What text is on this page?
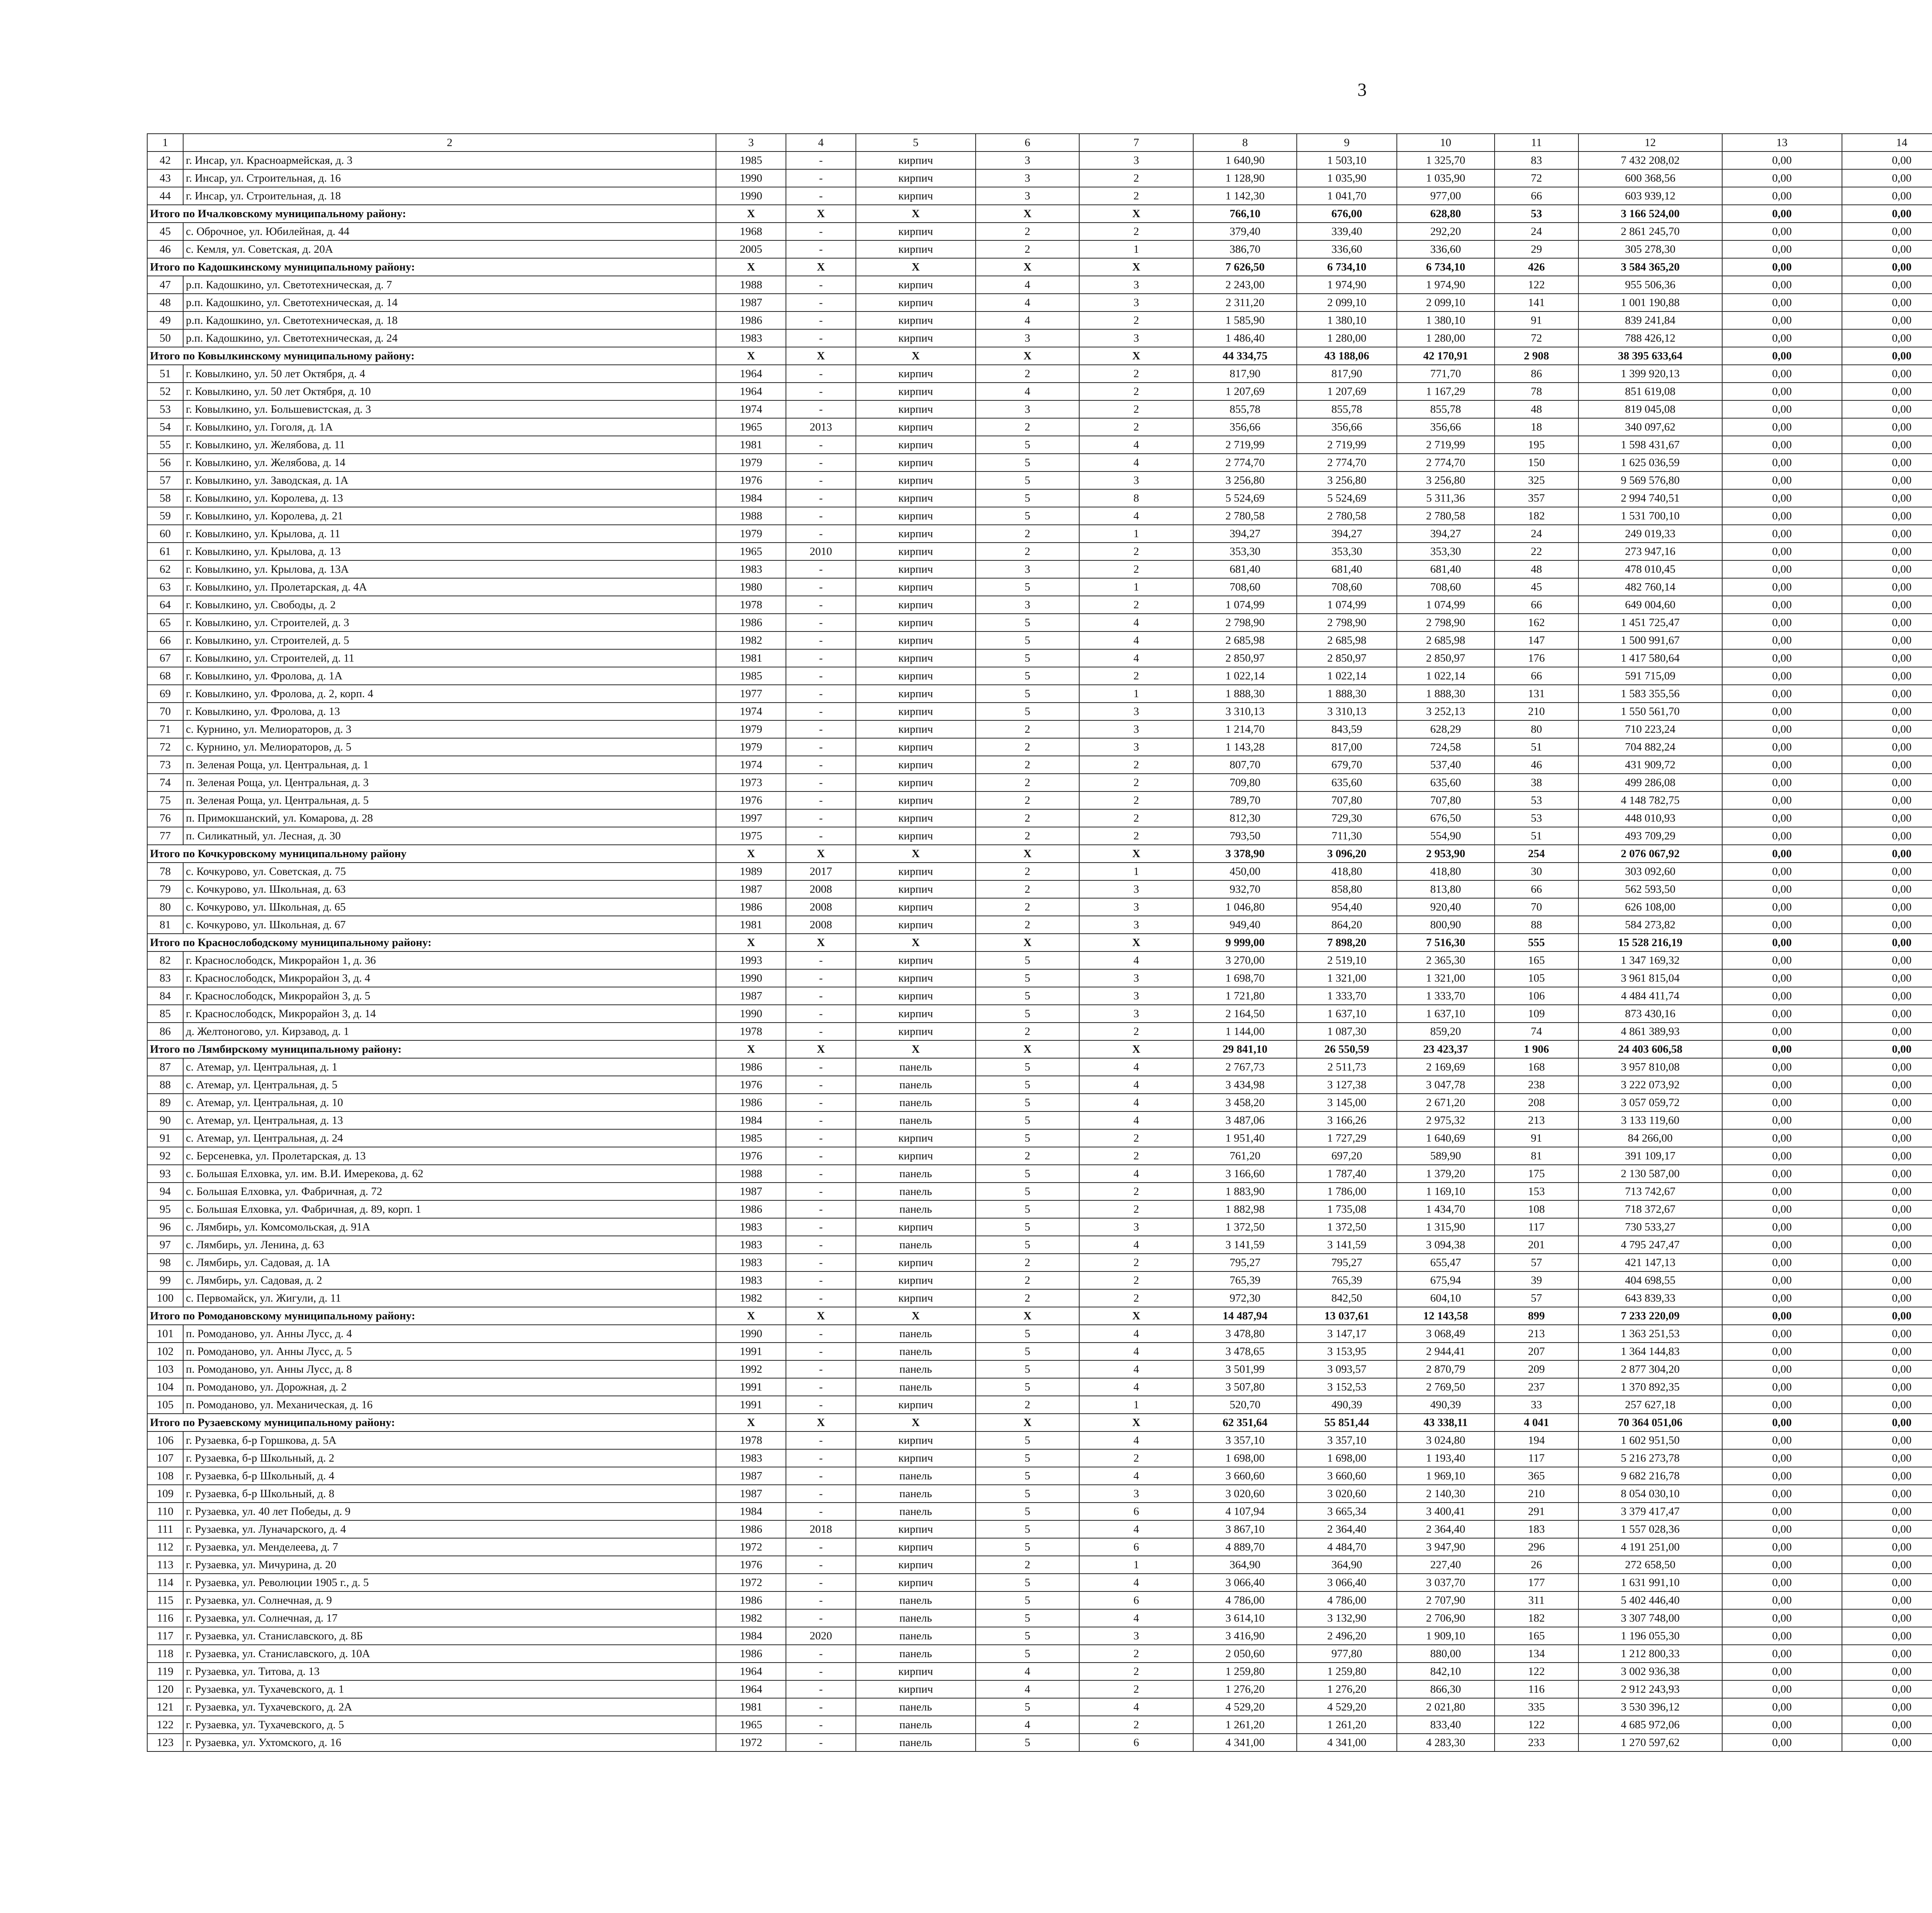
3
1	2	3	4	5	6	7	8	9	10	11	12	13	14					
42	г. Инсар, ул. Красноармейская, д. 3	1985	-	кирпич	3	3	1 640,90	1 503,10	1 325,70	83	7 432 208,02	0,00	0,00					
43	г. Инсар, ул. Строительная, д. 16	1990	-	кирпич	3	2	1 128,90	1 035,90	1 035,90	72	600 368,56	0,00	0,00					
44	г. Инсар, ул. Строительная, д. 18	1990	-	кирпич	3	2	1 142,30	1 041,70	977,00	66	603 939,12	0,00	0,00					
Итого по Ичалковскому муниципальному району:		X	X	X	X	X	766,10	676,00	628,80	53	3 166 524,00	0,00	0,00					
45	с. Оброчное, ул. Юбилейная, д. 44	1968	-	кирпич	2	2	379,40	339,40	292,20	24	2 861 245,70	0,00	0,00					
46	с. Кемля, ул. Советская, д. 20А	2005	-	кирпич	2	1	386,70	336,60	336,60	29	305 278,30	0,00	0,00					
Итого по Кадошкинскому муниципальному району:		X	X	X	X	X	7 626,50	6 734,10	6 734,10	426	3 584 365,20	0,00	0,00					
47	р.п. Кадошкино, ул. Светотехническая, д. 7	1988	-	кирпич	4	3	2 243,00	1 974,90	1 974,90	122	955 506,36	0,00	0,00					
48	р.п. Кадошкино, ул. Светотехническая, д. 14	1987	-	кирпич	4	3	2 311,20	2 099,10	2 099,10	141	1 001 190,88	0,00	0,00					
49	р.п. Кадошкино, ул. Светотехническая, д. 18	1986	-	кирпич	4	2	1 585,90	1 380,10	1 380,10	91	839 241,84	0,00	0,00					
50	р.п. Кадошкино, ул. Светотехническая, д. 24	1983	-	кирпич	3	3	1 486,40	1 280,00	1 280,00	72	788 426,12	0,00	0,00					
Итого по Ковылкинскому муниципальному району:		X	X	X	X	X	44 334,75	43 188,06	42 170,91	2 908	38 395 633,64	0,00	0,00					
51	г. Ковылкино, ул. 50 лет Октября, д. 4	1964	-	кирпич	2	2	817,90	817,90	771,70	86	1 399 920,13	0,00	0,00					
52	г. Ковылкино, ул. 50 лет Октября, д. 10	1964	-	кирпич	4	2	1 207,69	1 207,69	1 167,29	78	851 619,08	0,00	0,00					
53	г. Ковылкино, ул. Большевистская, д. 3	1974	-	кирпич	3	2	855,78	855,78	855,78	48	819 045,08	0,00	0,00					
54	г. Ковылкино, ул. Гоголя, д. 1А	1965	2013	кирпич	2	2	356,66	356,66	356,66	18	340 097,62	0,00	0,00					
55	г. Ковылкино, ул. Желябова, д. 11	1981	-	кирпич	5	4	2 719,99	2 719,99	2 719,99	195	1 598 431,67	0,00	0,00					
56	г. Ковылкино, ул. Желябова, д. 14	1979	-	кирпич	5	4	2 774,70	2 774,70	2 774,70	150	1 625 036,59	0,00	0,00					
57	г. Ковылкино, ул. Заводская, д. 1А	1976	-	кирпич	5	3	3 256,80	3 256,80	3 256,80	325	9 569 576,80	0,00	0,00					
58	г. Ковылкино, ул. Королева, д. 13	1984	-	кирпич	5	8	5 524,69	5 524,69	5 311,36	357	2 994 740,51	0,00	0,00					
59	г. Ковылкино, ул. Королева, д. 21	1988	-	кирпич	5	4	2 780,58	2 780,58	2 780,58	182	1 531 700,10	0,00	0,00					
60	г. Ковылкино, ул. Крылова, д. 11	1979	-	кирпич	2	1	394,27	394,27	394,27	24	249 019,33	0,00	0,00					
61	г. Ковылкино, ул. Крылова, д. 13	1965	2010	кирпич	2	2	353,30	353,30	353,30	22	273 947,16	0,00	0,00					
62	г. Ковылкино, ул. Крылова, д. 13А	1983	-	кирпич	3	2	681,40	681,40	681,40	48	478 010,45	0,00	0,00					
63	г. Ковылкино, ул. Пролетарская, д. 4А	1980	-	кирпич	5	1	708,60	708,60	708,60	45	482 760,14	0,00	0,00					
64	г. Ковылкино, ул. Свободы, д. 2	1978	-	кирпич	3	2	1 074,99	1 074,99	1 074,99	66	649 004,60	0,00	0,00					
65	г. Ковылкино, ул. Строителей, д. 3	1986	-	кирпич	5	4	2 798,90	2 798,90	2 798,90	162	1 451 725,47	0,00	0,00					
66	г. Ковылкино, ул. Строителей, д. 5	1982	-	кирпич	5	4	2 685,98	2 685,98	2 685,98	147	1 500 991,67	0,00	0,00					
67	г. Ковылкино, ул. Строителей, д. 11	1981	-	кирпич	5	4	2 850,97	2 850,97	2 850,97	176	1 417 580,64	0,00	0,00					
68	г. Ковылкино, ул. Фролова, д. 1А	1985	-	кирпич	5	2	1 022,14	1 022,14	1 022,14	66	591 715,09	0,00	0,00					
69	г. Ковылкино, ул. Фролова, д. 2, корп. 4	1977	-	кирпич	5	1	1 888,30	1 888,30	1 888,30	131	1 583 355,56	0,00	0,00					
70	г. Ковылкино, ул. Фролова, д. 13	1974	-	кирпич	5	3	3 310,13	3 310,13	3 252,13	210	1 550 561,70	0,00	0,00					
71	с. Курнино, ул. Мелиораторов, д. 3	1979	-	кирпич	2	3	1 214,70	843,59	628,29	80	710 223,24	0,00	0,00					
72	с. Курнино, ул. Мелиораторов, д. 5	1979	-	кирпич	2	3	1 143,28	817,00	724,58	51	704 882,24	0,00	0,00					
73	п. Зеленая Роща, ул. Центральная, д. 1	1974	-	кирпич	2	2	807,70	679,70	537,40	46	431 909,72	0,00	0,00					
74	п. Зеленая Роща, ул. Центральная, д. 3	1973	-	кирпич	2	2	709,80	635,60	635,60	38	499 286,08	0,00	0,00					
75	п. Зеленая Роща, ул. Центральная, д. 5	1976	-	кирпич	2	2	789,70	707,80	707,80	53	4 148 782,75	0,00	0,00					
76	п. Примокшанский, ул. Комарова, д. 28	1997	-	кирпич	2	2	812,30	729,30	676,50	53	448 010,93	0,00	0,00					
77	п. Силикатный, ул. Лесная, д. 30	1975	-	кирпич	2	2	793,50	711,30	554,90	51	493 709,29	0,00	0,00					
Итого по Кочкуровскому муниципальному району		X	X	X	X	X	3 378,90	3 096,20	2 953,90	254	2 076 067,92	0,00	0,00					
78	с. Кочкурово, ул. Советская, д. 75	1989	2017	кирпич	2	1	450,00	418,80	418,80	30	303 092,60	0,00	0,00					
79	с. Кочкурово, ул. Школьная, д. 63	1987	2008	кирпич	2	3	932,70	858,80	813,80	66	562 593,50	0,00	0,00					
80	с. Кочкурово, ул. Школьная, д. 65	1986	2008	кирпич	2	3	1 046,80	954,40	920,40	70	626 108,00	0,00	0,00					
81	с. Кочкурово, ул. Школьная, д. 67	1981	2008	кирпич	2	3	949,40	864,20	800,90	88	584 273,82	0,00	0,00					
Итого по Краснослободскому муниципальному району:		X	X	X	X	X	9 999,00	7 898,20	7 516,30	555	15 528 216,19	0,00	0,00					
82	г. Краснослободск, Микрорайон 1, д. 36	1993	-	кирпич	5	4	3 270,00	2 519,10	2 365,30	165	1 347 169,32	0,00	0,00					
83	г. Краснослободск, Микрорайон 3, д. 4	1990	-	кирпич	5	3	1 698,70	1 321,00	1 321,00	105	3 961 815,04	0,00	0,00					
84	г. Краснослободск, Микрорайон 3, д. 5	1987	-	кирпич	5	3	1 721,80	1 333,70	1 333,70	106	4 484 411,74	0,00	0,00					
85	г. Краснослободск, Микрорайон 3, д. 14	1990	-	кирпич	5	3	2 164,50	1 637,10	1 637,10	109	873 430,16	0,00	0,00					
86	д. Желтоногово, ул. Кирзавод, д. 1	1978	-	кирпич	2	2	1 144,00	1 087,30	859,20	74	4 861 389,93	0,00	0,00					
Итого по Лямбирскому муниципальному району:		X	X	X	X	X	29 841,10	26 550,59	23 423,37	1 906	24 403 606,58	0,00	0,00					
87	с. Атемар, ул. Центральная, д. 1	1986	-	панель	5	4	2 767,73	2 511,73	2 169,69	168	3 957 810,08	0,00	0,00					
88	с. Атемар, ул. Центральная, д. 5	1976	-	панель	5	4	3 434,98	3 127,38	3 047,78	238	3 222 073,92	0,00	0,00					
89	с. Атемар, ул. Центральная, д. 10	1986	-	панель	5	4	3 458,20	3 145,00	2 671,20	208	3 057 059,72	0,00	0,00					
90	с. Атемар, ул. Центральная, д. 13	1984	-	панель	5	4	3 487,06	3 166,26	2 975,32	213	3 133 119,60	0,00	0,00					
91	с. Атемар, ул. Центральная, д. 24	1985	-	кирпич	5	2	1 951,40	1 727,29	1 640,69	91	84 266,00	0,00	0,00					
92	с. Берсеневка, ул. Пролетарская, д. 13	1976	-	кирпич	2	2	761,20	697,20	589,90	81	391 109,17	0,00	0,00					
93	с. Большая Елховка, ул. им. В.И. Имерекова, д. 62	1988	-	панель	5	4	3 166,60	1 787,40	1 379,20	175	2 130 587,00	0,00	0,00					
94	с. Большая Елховка, ул. Фабричная, д. 72	1987	-	панель	5	2	1 883,90	1 786,00	1 169,10	153	713 742,67	0,00	0,00					
95	с. Большая Елховка, ул. Фабричная, д. 89, корп. 1	1986	-	панель	5	2	1 882,98	1 735,08	1 434,70	108	718 372,67	0,00	0,00					
96	с. Лямбирь, ул. Комсомольская, д. 91А	1983	-	кирпич	5	3	1 372,50	1 372,50	1 315,90	117	730 533,27	0,00	0,00					
97	с. Лямбирь, ул. Ленина, д. 63	1983	-	панель	5	4	3 141,59	3 141,59	3 094,38	201	4 795 247,47	0,00	0,00					
98	с. Лямбирь, ул. Садовая, д. 1А	1983	-	кирпич	2	2	795,27	795,27	655,47	57	421 147,13	0,00	0,00					
99	с. Лямбирь, ул. Садовая, д. 2	1983	-	кирпич	2	2	765,39	765,39	675,94	39	404 698,55	0,00	0,00					
100	с. Первомайск, ул. Жигули, д. 11	1982	-	кирпич	2	2	972,30	842,50	604,10	57	643 839,33	0,00	0,00					
Итого по Ромодановскому муниципальному району:		X	X	X	X	X	14 487,94	13 037,61	12 143,58	899	7 233 220,09	0,00	0,00					
101	п. Ромоданово, ул. Анны Лусс, д. 4	1990	-	панель	5	4	3 478,80	3 147,17	3 068,49	213	1 363 251,53	0,00	0,00					
102	п. Ромоданово, ул. Анны Лусс, д. 5	1991	-	панель	5	4	3 478,65	3 153,95	2 944,41	207	1 364 144,83	0,00	0,00					
103	п. Ромоданово, ул. Анны Лусс, д. 8	1992	-	панель	5	4	3 501,99	3 093,57	2 870,79	209	2 877 304,20	0,00	0,00					
104	п. Ромоданово, ул. Дорожная, д. 2	1991	-	панель	5	4	3 507,80	3 152,53	2 769,50	237	1 370 892,35	0,00	0,00					
105	п. Ромоданово, ул. Механическая, д. 16	1991	-	кирпич	2	1	520,70	490,39	490,39	33	257 627,18	0,00	0,00					
Итого по Рузаевскому муниципальному району:		X	X	X	X	X	62 351,64	55 851,44	43 338,11	4 041	70 364 051,06	0,00	0,00					
106	г. Рузаевка, б-р Горшкова, д. 5А	1978	-	кирпич	5	4	3 357,10	3 357,10	3 024,80	194	1 602 951,50	0,00	0,00					
107	г. Рузаевка, б-р Школьный, д. 2	1983	-	кирпич	5	2	1 698,00	1 698,00	1 193,40	117	5 216 273,78	0,00	0,00					
108	г. Рузаевка, б-р Школьный, д. 4	1987	-	панель	5	4	3 660,60	3 660,60	1 969,10	365	9 682 216,78	0,00	0,00					
109	г. Рузаевка, б-р Школьный, д. 8	1987	-	панель	5	3	3 020,60	3 020,60	2 140,30	210	8 054 030,10	0,00	0,00					
110	г. Рузаевка, ул. 40 лет Победы, д. 9	1984	-	панель	5	6	4 107,94	3 665,34	3 400,41	291	3 379 417,47	0,00	0,00					
111	г. Рузаевка, ул. Луначарского, д. 4	1986	2018	кирпич	5	4	3 867,10	2 364,40	2 364,40	183	1 557 028,36	0,00	0,00					
112	г. Рузаевка, ул. Менделеева, д. 7	1972	-	кирпич	5	6	4 889,70	4 484,70	3 947,90	296	4 191 251,00	0,00	0,00					
113	г. Рузаевка, ул. Мичурина, д. 20	1976	-	кирпич	2	1	364,90	364,90	227,40	26	272 658,50	0,00	0,00					
114	г. Рузаевка, ул. Революции 1905 г., д. 5	1972	-	кирпич	5	4	3 066,40	3 066,40	3 037,70	177	1 631 991,10	0,00	0,00					
115	г. Рузаевка, ул. Солнечная, д. 9	1986	-	панель	5	6	4 786,00	4 786,00	2 707,90	311	5 402 446,40	0,00	0,00					
116	г. Рузаевка, ул. Солнечная, д. 17	1982	-	панель	5	4	3 614,10	3 132,90	2 706,90	182	3 307 748,00	0,00	0,00					
117	г. Рузаевка, ул. Станиславского, д. 8Б	1984	2020	панель	5	3	3 416,90	2 496,20	1 909,10	165	1 196 055,30	0,00	0,00					
118	г. Рузаевка, ул. Станиславского, д. 10А	1986	-	панель	5	2	2 050,60	977,80	880,00	134	1 212 800,33	0,00	0,00					
119	г. Рузаевка, ул. Титова, д. 13	1964	-	кирпич	4	2	1 259,80	1 259,80	842,10	122	3 002 936,38	0,00	0,00					
120	г. Рузаевка, ул. Тухачевского, д. 1	1964	-	кирпич	4	2	1 276,20	1 276,20	866,30	116	2 912 243,93	0,00	0,00					
121	г. Рузаевка, ул. Тухачевского, д. 2А	1981	-	панель	5	4	4 529,20	4 529,20	2 021,80	335	3 530 396,12	0,00	0,00					
122	г. Рузаевка, ул. Тухачевского, д. 5	1965	-	панель	4	2	1 261,20	1 261,20	833,40	122	4 685 972,06	0,00	0,00					
123	г. Рузаевка, ул. Ухтомского, д. 16	1972	-	панель	5	6	4 341,00	4 341,00	4 283,30	233	1 270 597,62	0,00	0,00					
